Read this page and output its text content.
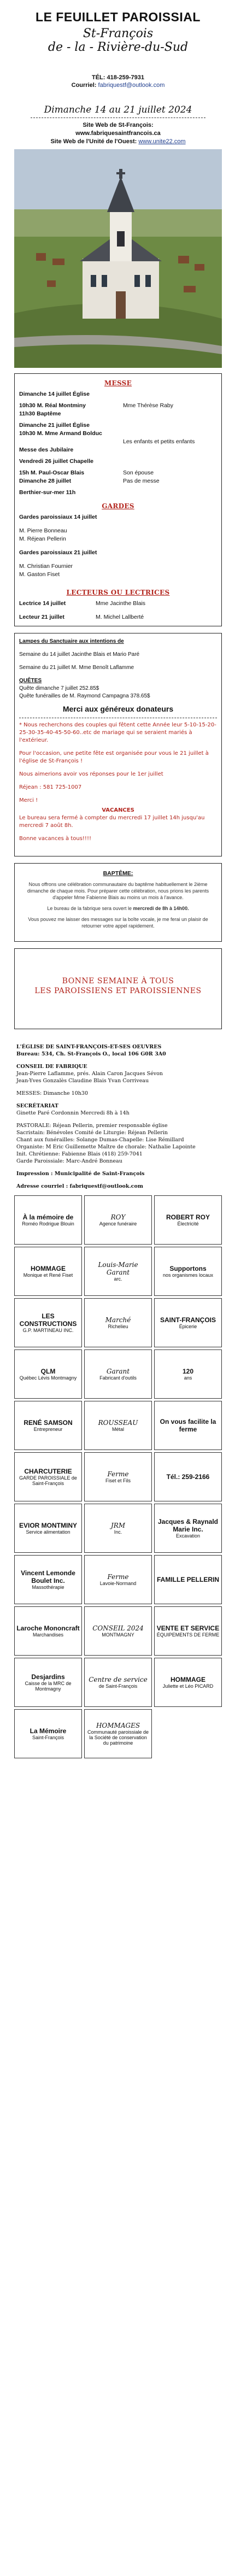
LE FEUILLET PAROISSIAL
St-François
de - la - Rivière-du-Sud
TÉL: 418-259-7931
Courriel: fabriquestf@outlook.com
Dimanche 14 au 21 juillet 2024
Site Web de St-François:
www.fabriquesaintfrancois.ca
Site Web de l'Unité de l'Ouest: www.unite22.com
MESSE
Dimanche 14 juillet Église
10h30 M. Réal Montminy	Mme Thérèse Raby
11h30 Baptême
Dimanche 21 juillet Église
10h30 M. Mme Armand Bolduc
Les enfants et petits enfants
Messe des Jubilaire
Vendredi 26 juillet Chapelle
15h M. Paul-Oscar Blais	Son épouse
Dimanche 28 juillet	Pas de messe
Berthier-sur-mer 11h
GARDES
Gardes paroissiaux 14 juillet
M. Pierre Bonneau
M. Réjean Pellerin
Gardes paroissiaux 21 juillet
M. Christian Fournier
M. Gaston Fiset
LECTEURS OU LECTRICES
Lectrice 14 juillet	Mme Jacinthe Blais
Lecteur 21 juillet	M. Michel Lallberté
Lampes du Sanctuaire aux intentions de
Semaine du 14 juillet Jacinthe Blais et Mario Paré
Semaine du 21 juillet M. Mme Benoît Laflamme
QUÊTES
Quête dimanche 7 juillet 252.85$
Quête funérailles de M. Raymond Campagna 378.65$
Merci aux généreux donateurs
* Nous recherchons des couples qui fêtent cette Année leur 5-10-15-20-25-30-35-40-45-50-60..etc de mariage qui se seraient mariés à l'extérieur.
Pour l'occasion, une petite fête est organisée pour vous le 21 juillet à l'église de St-François !
Nous aimerions avoir vos réponses pour le 1er juillet
Réjean : 581 725-1007
Merci !
VACANCES
Le bureau sera fermé à compter du mercredi 17 juillet 14h jusqu'au mercredi 7 août 8h.
Bonne vacances à tous!!!!
BAPTÊME:
Nous offrons une célébration communautaire du baptême habituellement le 2ième dimanche de chaque mois. Pour préparer cette célébration, nous prions les parents d'appeler Mme Fabienne Blais au moins un mois à l'avance.
Le bureau de la fabrique sera ouvert le mercredi de 8h à 14h00.
Vous pouvez me laisser des messages sur la boîte vocale, je me ferai un plaisir de retourner votre appel rapidement.
BONNE SEMAINE À TOUS
LES PAROISSIENS ET PAROISSIENNES
L'ÉGLISE DE SAINT-FRANÇOIS-ET-SES OEUVRES
Bureau: 534, Ch. St-François O., local 106 G0R 3A0
CONSEIL DE FABRIQUE
Jean-Pierre Laflamme, prés. Alain Caron Jacques Sévon
Jean-Yves Gonzalès Claudine Blais Yvan Corriveau
MESSES: Dimanche 10h30
SECRÉTARIAT
Ginette Paré Cordonnin Mercredi 8h à 14h
PASTORALE: Réjean Pellerin, premier responsable église
Sacristain: Bénévoles Comité de Liturgie: Réjean Pellerin
Chant aux funérailles: Solange Dumas-Chapelle: Lise Rémillard
Organiste: M Eric Guillemette Maître de chorale: Nathalie Lapointe
Init. Chrétienne: Fabienne Blais (418) 259-7041
Garde Paroissiale: Marc-André Bonneau
Impression : Municipalité de Saint-François
Adresse courriel : fabriquestf@outlook.com
À la mémoire de
Roméo Rodrigue Blouin
ROY
Agence funéraire
ROBERT ROY
Électricité
HOMMAGE
Monique et René Fiset
Louis-Marie Garant
arc.
Supportons
nos organismes locaux
LES CONSTRUCTIONS
G.P. MARTINEAU INC.
Marché
Richelieu
SAINT-FRANÇOIS
Épicerie
QLM
Québec Lévis Montmagny
Garant
Fabricant d'outils
120
ans
RENÉ SAMSON
Entrepreneur
ROUSSEAU
Métal
On vous facilite la ferme
CHARCUTERIE
GARDE PAROISSIALE de Saint-François
Ferme
Fiset et Fils	Tél.: 259-2166
EVIOR MONTMINY
Service alimentation
JRM
Inc.
Jacques & Raynald Marie Inc.
Excavation
Vincent Lemonde Boulet Inc.
Massothérapie
Ferme
Lavoie-Normand	FAMILLE PELLERIN
Laroche Mononcraft
Marchandises
CONSEIL 2024
MONTMAGNY
VENTE ET SERVICE
ÉQUIPEMENTS DE FERME
Desjardins
Caisse de la MRC de Montmagny
Centre de service
de Saint-François
HOMMAGE
Juliette et Léo PICARD
La Mémoire
Saint-François
HOMMAGES
Communauté paroissiale de la Société de conservation du patrimoine
